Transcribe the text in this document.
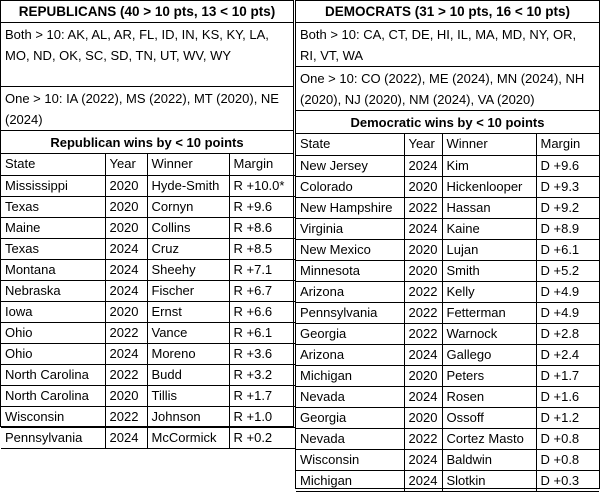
REPUBLICANS (40 > 10 pts, 13 < 10 pts)
Both > 10: AK, AL, AR, FL, ID, IN, KS, KY, LA, MO, ND, OK, SC, SD, TN, UT, WV, WY
One > 10: IA (2022), MS (2022), MT (2020), NE (2024)
Republican wins by < 10 points
State	Year	Winner	Margin
Mississippi	2020	Hyde-Smith	R +10.0*
Texas	2020	Cornyn	R +9.6
Maine	2020	Collins	R +8.6
Texas	2024	Cruz	R +8.5
Montana	2024	Sheehy	R +7.1
Nebraska	2024	Fischer	R +6.7
Iowa	2020	Ernst	R +6.6
Ohio	2022	Vance	R +6.1
Ohio	2024	Moreno	R +3.6
North Carolina	2022	Budd	R +3.2
North Carolina	2020	Tillis	R +1.7
Wisconsin	2022	Johnson	R +1.0
Pennsylvania	2024	McCormick	R +0.2
DEMOCRATS (31 > 10 pts, 16 < 10 pts)
Both > 10: CA, CT, DE, HI, IL, MA, MD, NY, OR, RI, VT, WA
One > 10: CO (2022), ME (2024), MN (2024), NH (2020), NJ (2020), NM (2024), VA (2020)
Democratic wins by < 10 points
State	Year	Winner	Margin
New Jersey	2024	Kim	D +9.6
Colorado	2020	Hickenlooper	D +9.3
New Hampshire	2022	Hassan	D +9.2
Virginia	2024	Kaine	D +8.9
New Mexico	2020	Lujan	D +6.1
Minnesota	2020	Smith	D +5.2
Arizona	2022	Kelly	D +4.9
Pennsylvania	2022	Fetterman	D +4.9
Georgia	2022	Warnock	D +2.8
Arizona	2024	Gallego	D +2.4
Michigan	2020	Peters	D +1.7
Nevada	2024	Rosen	D +1.6
Georgia	2020	Ossoff	D +1.2
Nevada	2022	Cortez Masto	D +0.8
Wisconsin	2024	Baldwin	D +0.8
Michigan	2024	Slotkin	D +0.3
